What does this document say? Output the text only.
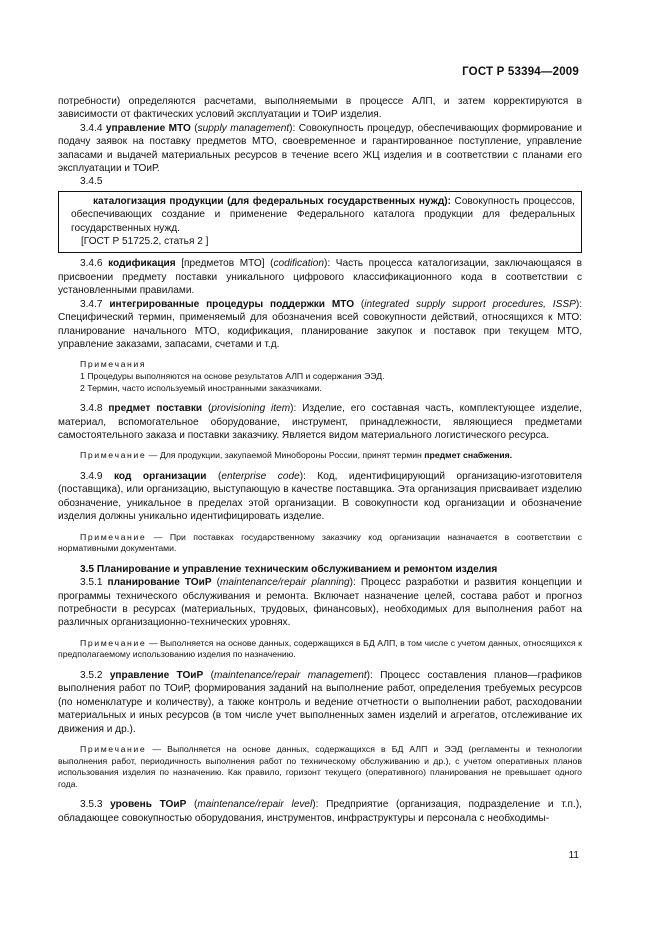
ГОСТ Р 53394—2009

потребности) определяются расчетами, выполняемыми в процессе АЛП, и затем корректируются в зависимости от фактических условий эксплуатации и ТОиР изделия.

3.4.4 управление МТО (supply management): Совокупность процедур, обеспечивающих формирование и подачу заявок на поставку предметов МТО, своевременное и гарантированное поступление, управление запасами и выдачей материальных ресурсов в течение всего ЖЦ изделия и в соответствии с планами его эксплуатации и ТОиР.

3.4.5

каталогизация продукции (для федеральных государственных нужд): Совокупность процессов, обеспечивающих создание и применение Федерального каталога продукции для федеральных государственных нужд.

[ГОСТ Р 51725.2, статья 2 ]

3.4.6 кодификация [предметов МТО] (codification): Часть процесса каталогизации, заключающаяся в присвоении предмету поставки уникального цифрового классификационного кода в соответствии с установленными правилами.

3.4.7 интегрированные процедуры поддержки МТО (integrated supply support procedures, ISSP): Специфический термин, применяемый для обозначения всей совокупности действий, относящихся к МТО: планирование начального МТО, кодификация, планирование закупок и поставок при текущем МТО, управление заказами, запасами, счетами и т.д.

Примечания

1 Процедуры выполняются на основе результатов АЛП и содержания ЭЭД.

2 Термин, часто используемый иностранными заказчиками.

3.4.8 предмет поставки (provisioning item): Изделие, его составная часть, комплектующее изделие, материал, вспомогательное оборудование, инструмент, принадлежности, являющиеся предметами самостоятельного заказа и поставки заказчику. Является видом материального логистического ресурса.

Примечание — Для продукции, закупаемой Минобороны России, принят термин предмет снабжения.

3.4.9 код организации (enterprise code): Код, идентифицирующий организацию-изготовителя (поставщика), или организацию, выступающую в качестве поставщика. Эта организация присваивает изделию обозначение, уникальное в пределах этой организации. В совокупности код организации и обозначение изделия должны уникально идентифицировать изделие.

Примечание — При поставках государственному заказчику код организации назначается в соответствии с нормативными документами.

3.5 Планирование и управление техническим обслуживанием и ремонтом изделия

3.5.1 планирование ТОиР (maintenance/repair planning): Процесс разработки и развития концепции и программы технического обслуживания и ремонта. Включает назначение целей, состава работ и прогноз потребности в ресурсах (материальных, трудовых, финансовых), необходимых для выполнения работ на различных организационно-технических уровнях.

Примечание — Выполняется на основе данных, содержащихся в БД АЛП, в том числе с учетом данных, относящихся к предполагаемому использованию изделия по назначению.

3.5.2 управление ТОиР (maintenance/repair management): Процесс составления планов—графиков выполнения работ по ТОиР, формирования заданий на выполнение работ, определения требуемых ресурсов (по номенклатуре и количеству), а также контроль и ведение отчетности о выполнении работ, расходовании материальных и иных ресурсов (в том числе учет выполненных замен изделий и агрегатов, отслеживание их движения и др.).

Примечание — Выполняется на основе данных, содержащихся в БД АЛП и ЭЭД (регламенты и технологии выполнения работ, периодичность выполнения работ по техническому обслуживанию и др.), с учетом оперативных планов использования изделия по назначению. Как правило, горизонт текущего (оперативного) планирования не превышает одного года.

3.5.3 уровень ТОиР (maintenance/repair level): Предприятие (организация, подразделение и т.п.), обладающее совокупностью оборудования, инструментов, инфраструктуры и персонала с необходимы-

11
